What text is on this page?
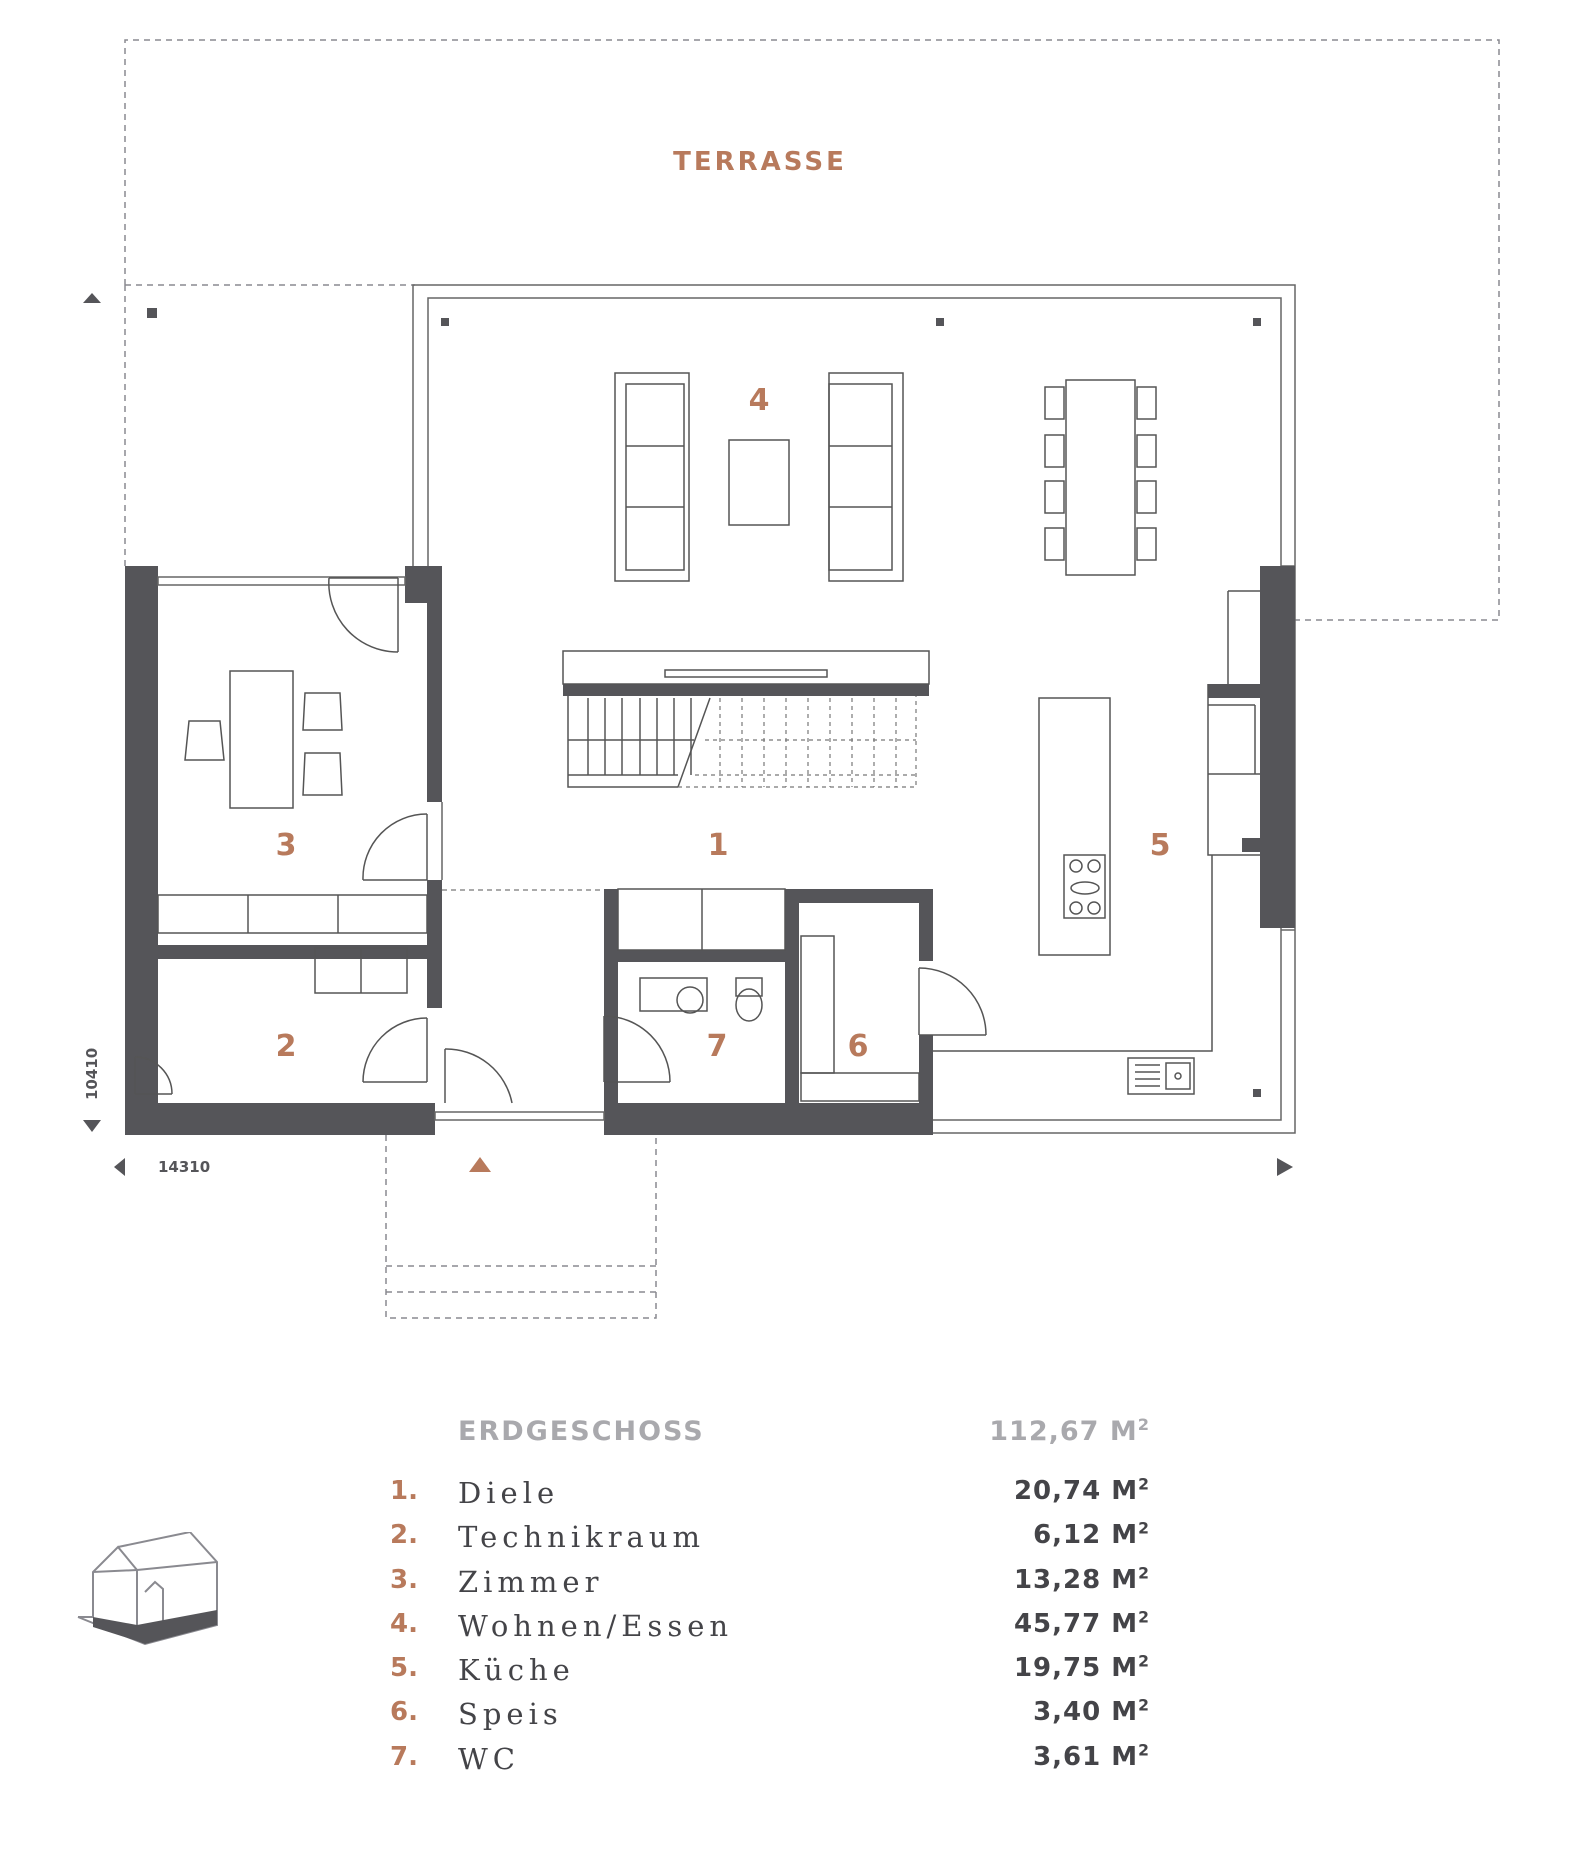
TERRASSE
1
2
3
4
5
6
7
14310
10410
ERDGESCHOSS	112,67 $M^2$
1.	Diele	20,74 $M^2$
2.	Technikraum	6,12 $M^2$
3.	Zimmer	13,28 $M^2$
4.	Wohnen/Essen	45,77 $M^2$
5.	Küche	19,75 $M^2$
6.	Speis	3,40 $M^2$
7.	WC	3,61 $M^2$
